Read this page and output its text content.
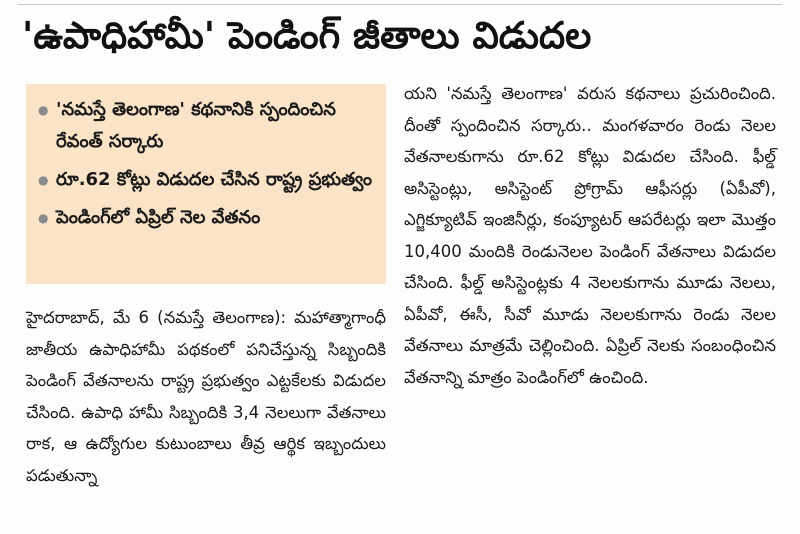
'ఉపాధిహామీ' పెండింగ్ జీతాలు విడుదల
● 'నమస్తే తెలంగాణ' కథనానికి స్పందించిన రేవంత్ సర్కారు
● రూ.62 కోట్లు విడుదల చేసిన రాష్ట్ర ప్రభుత్వం
● పెండింగ్‌లో ఏప్రిల్ నెల వేతనం

హైదరాబాద్, మే 6 (నమస్తే తెలంగాణ): మహాత్మాగాంధీ జాతీయ ఉపాధిహామీ పథకంలో పనిచేస్తున్న సిబ్బందికి పెండింగ్ వేతనాలను రాష్ట్ర ప్రభుత్వం ఎట్టకేలకు విడుదల చేసింది. ఉపాధి హామీ సిబ్బందికి 3,4 నెలలుగా వేతనాలు రాక, ఆ ఉద్యోగుల కుటుంబాలు తీవ్ర ఆర్థిక ఇబ్బందులు పడుతున్నా

యని 'నమస్తే తెలంగాణ' వరుస కథనాలు ప్రచురించింది. దీంతో స్పందించిన సర్కారు.. మంగళవారం రెండు నెలల వేతనాలకుగాను రూ.62 కోట్లు విడుదల చేసింది. ఫీల్డ్ అసిస్టెంట్లు, అసిస్టెంట్ ప్రోగ్రామ్ ఆఫీసర్లు (ఏపీవో), ఎగ్జిక్యూటివ్ ఇంజినీర్లు, కంప్యూటర్ ఆపరేటర్లు ఇలా మొత్తం 10,400 మందికి రెండునెలల పెండింగ్ వేతనాలు విడుదల చేసింది. ఫీల్డ్ అసిస్టెంట్లకు 4 నెలలకుగాను మూడు నెలలు, ఏపీవో, ఈసీ, సీవో మూడు నెలలకుగాను రెండు నెలల వేతనాలు మాత్రమే చెల్లించింది. ఏప్రిల్ నెలకు సంబంధించిన వేతనాన్ని మాత్రం పెండింగ్‌లో ఉంచింది.
